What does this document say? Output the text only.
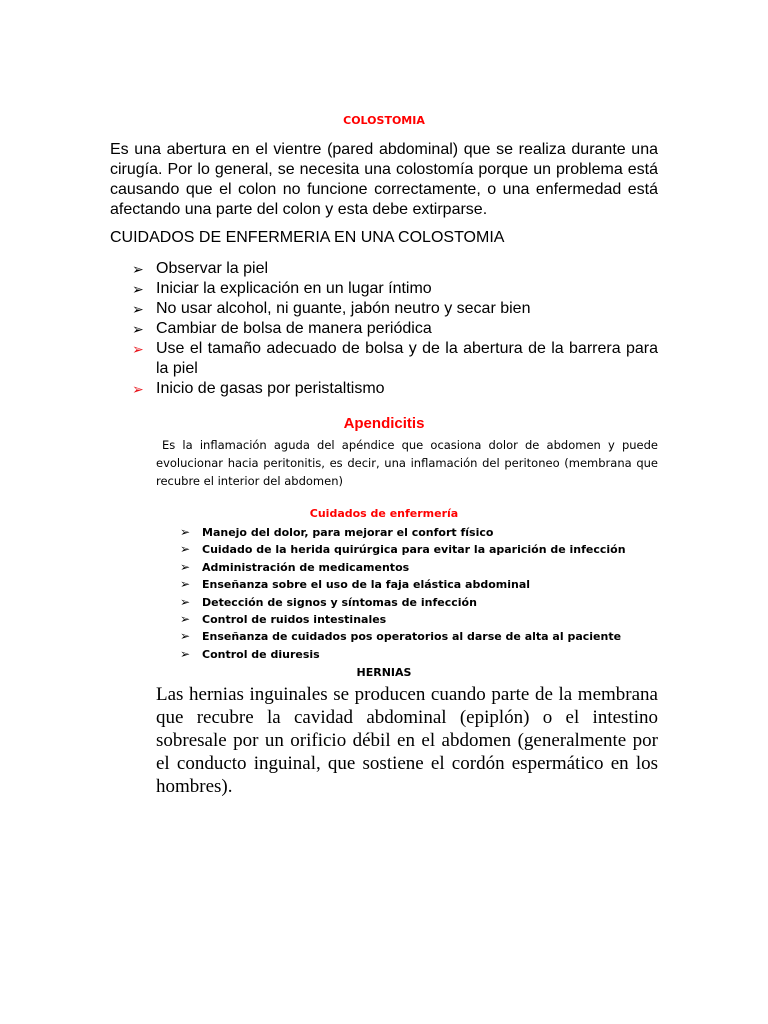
COLOSTOMIA
Es una abertura en el vientre (pared abdominal) que se realiza durante una cirugía. Por lo general, se necesita una colostomía porque un problema está causando que el colon no funcione correctamente, o una enfermedad está afectando una parte del colon y esta debe extirparse.
CUIDADOS DE ENFERMERIA EN UNA COLOSTOMIA
➢ Observar la piel
➢ Iniciar la explicación en un lugar íntimo
➢ No usar alcohol, ni guante, jabón neutro y secar bien
➢ Cambiar de bolsa de manera periódica
➢ Use el tamaño adecuado de bolsa y de la abertura de la barrera para la piel
➢ Inicio de gasas por peristaltismo
Apendicitis
Es la inflamación aguda del apéndice que ocasiona dolor de abdomen y puede evolucionar hacia peritonitis, es decir, una inflamación del peritoneo (membrana que recubre el interior del abdomen)
Cuidados de enfermería
➢ Manejo del dolor, para mejorar el confort físico
➢ Cuidado de la herida quirúrgica para evitar la aparición de infección
➢ Administración de medicamentos
➢ Enseñanza sobre el uso de la faja elástica abdominal
➢ Detección de signos y síntomas de infección
➢ Control de ruidos intestinales
➢ Enseñanza de cuidados pos operatorios al darse de alta al paciente
➢ Control de diuresis
HERNIAS
Las hernias inguinales se producen cuando parte de la membrana que recubre la cavidad abdominal (epiplón) o el intestino sobresale por un orificio débil en el abdomen (generalmente por el conducto inguinal, que sostiene el cordón espermático en los hombres).
